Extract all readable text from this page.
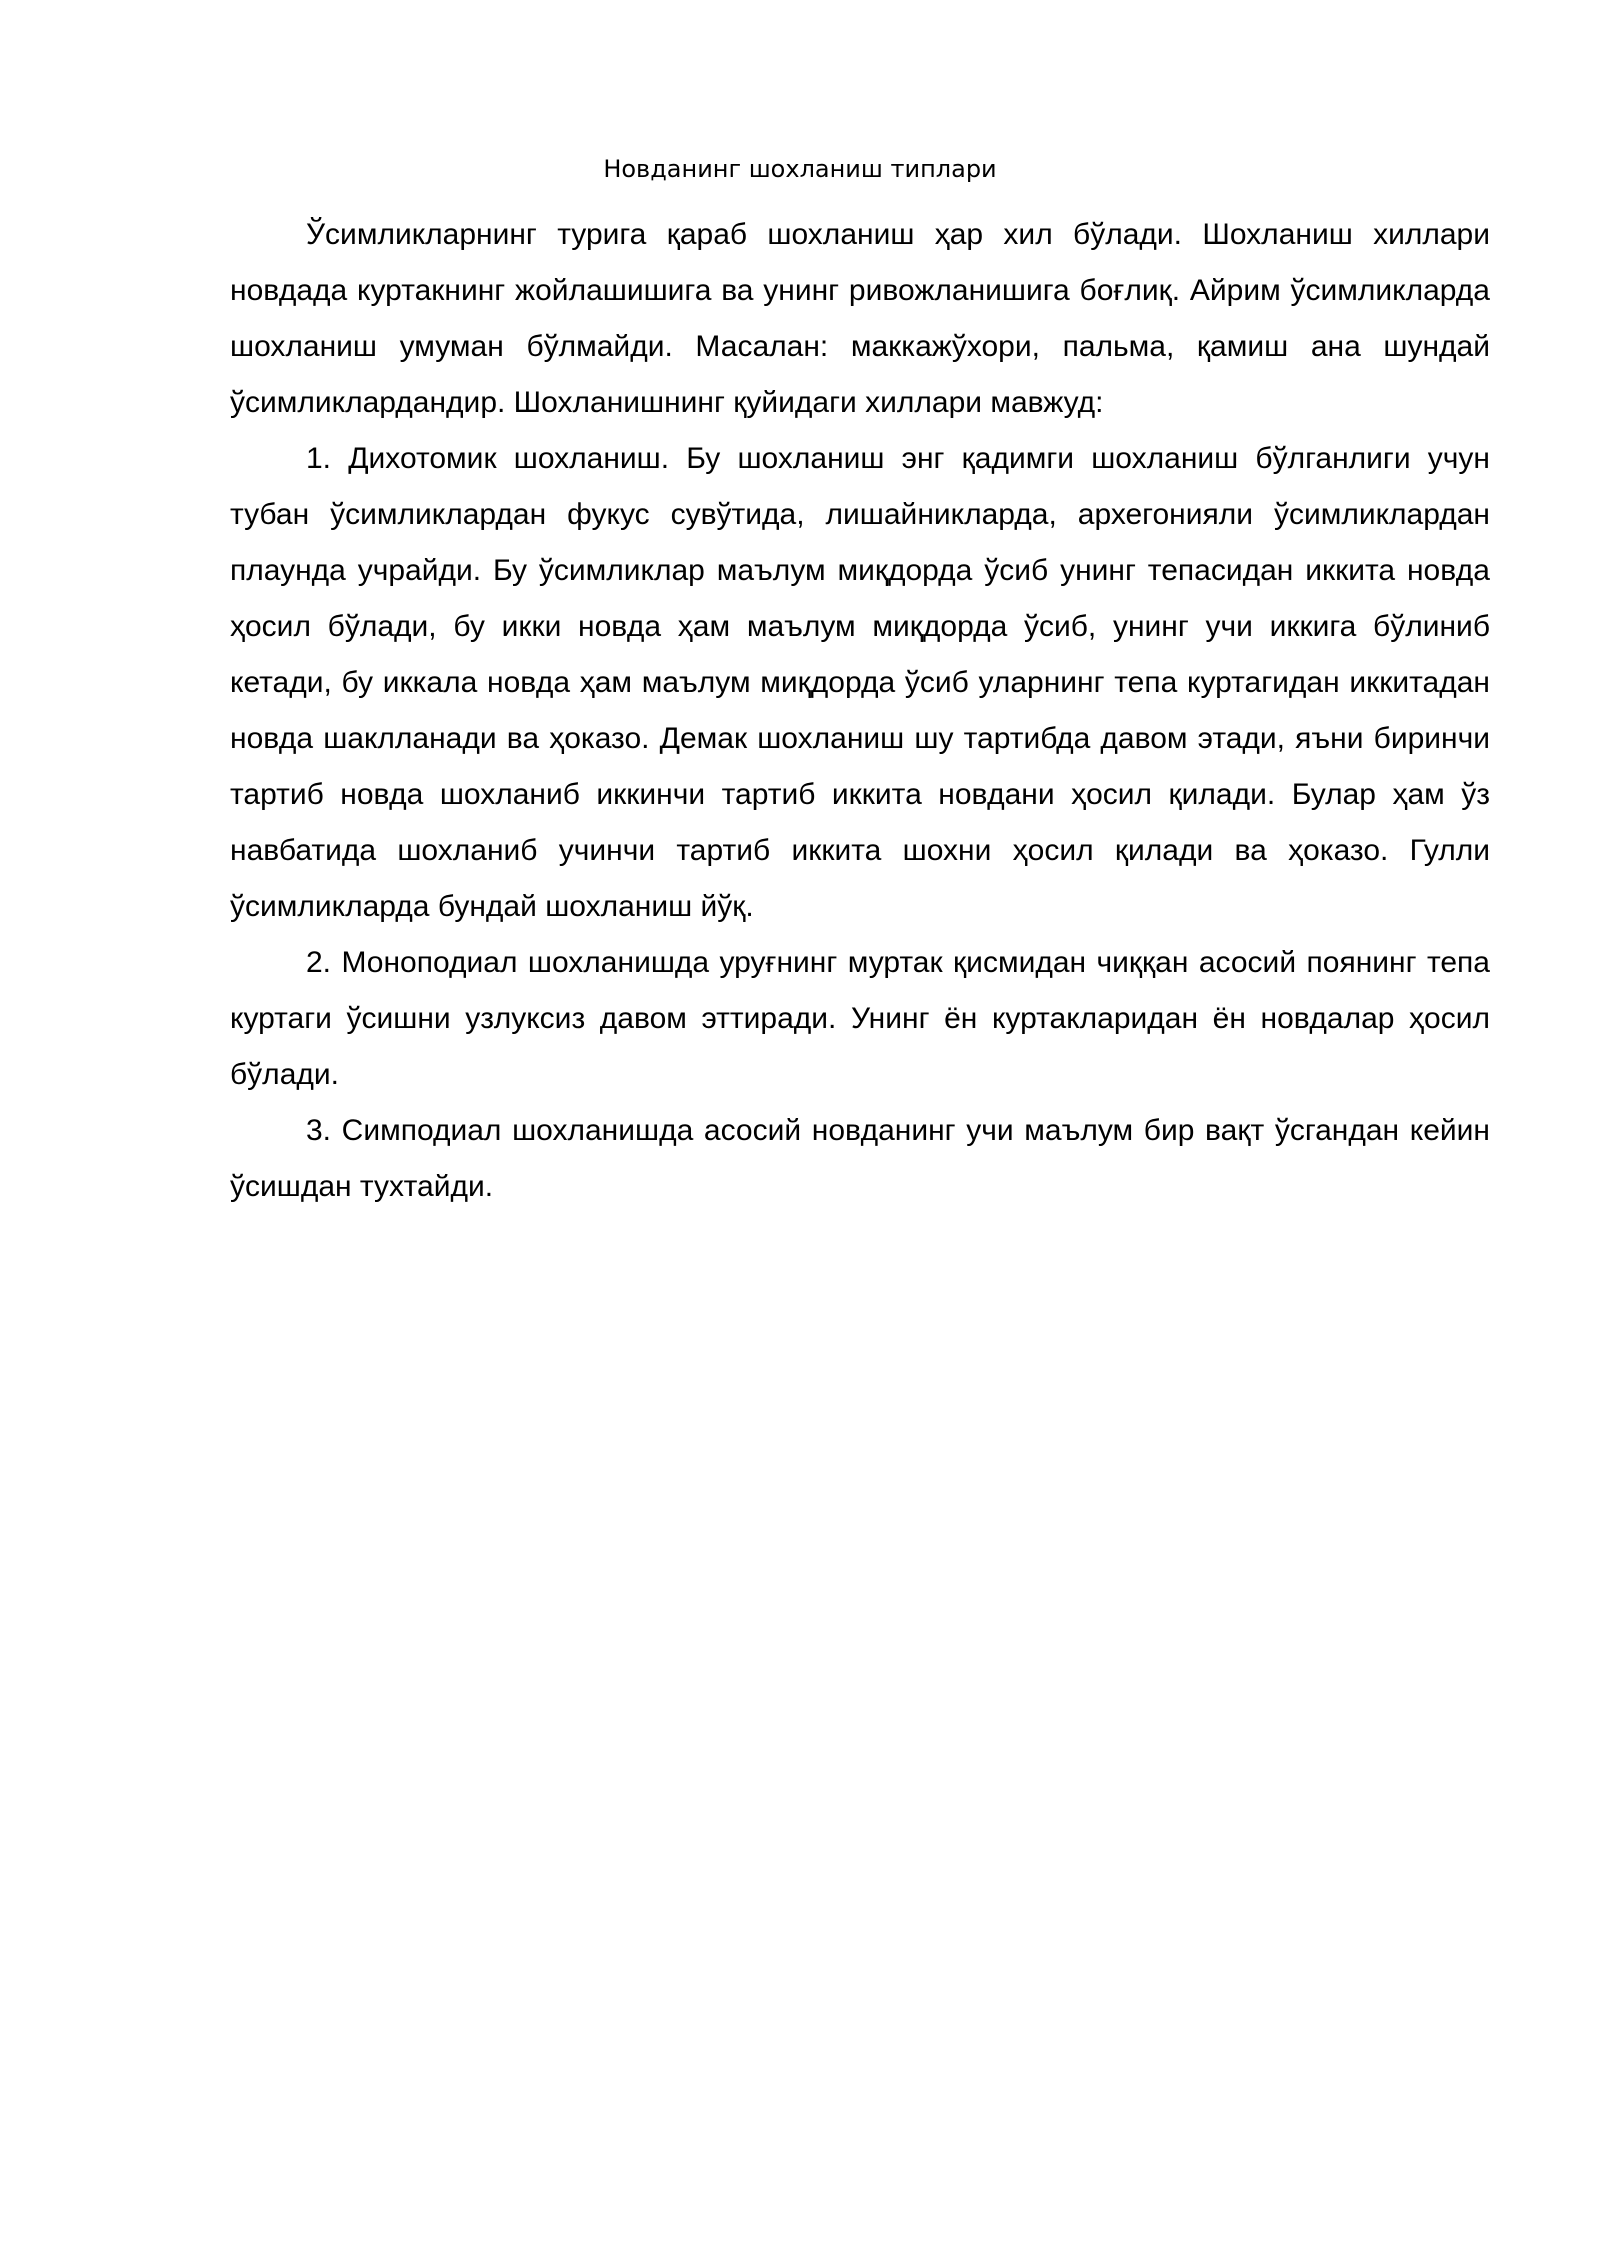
Новданинг шохланиш типлари

Ўсимликларнинг турига қараб шохланиш ҳар хил бўлади. Шохланиш хиллари новдада куртакнинг жойлашишига ва унинг ривожланишига боғлиқ. Айрим ўсимликларда шохланиш умуман бўлмайди. Масалан: маккажўхори, пальма, қамиш ана шундай ўсимликлардандир. Шохланишнинг қуйидаги хиллари мавжуд:

1. Дихотомик шохланиш. Бу шохланиш энг қадимги шохланиш бўлганлиги учун тубан ўсимликлардан фукус сувўтида, лишайникларда, архегонияли ўсимликлардан плаунда учрайди. Бу ўсимликлар маълум миқдорда ўсиб унинг тепасидан иккита новда ҳосил бўлади, бу икки новда ҳам маълум миқдорда ўсиб, унинг учи иккига бўлиниб кетади, бу иккала новда ҳам маълум миқдорда ўсиб уларнинг тепа куртагидан иккитадан новда шаклланади ва ҳоказо. Демак шохланиш шу тартибда давом этади, яъни биринчи тартиб новда шохланиб иккинчи тартиб иккита новдани ҳосил қилади. Булар ҳам ўз навбатида шохланиб учинчи тартиб иккита шохни ҳосил қилади ва ҳоказо. Гулли ўсимликларда бундай шохланиш йўқ.

2. Моноподиал шохланишда уруғнинг муртак қисмидан чиққан асосий поянинг тепа куртаги ўсишни узлуксиз давом эттиради. Унинг ён куртакларидан ён новдалар ҳосил бўлади.

3. Симподиал шохланишда асосий новданинг учи маълум бир вақт ўсгандан кейин ўсишдан тухтайди.
